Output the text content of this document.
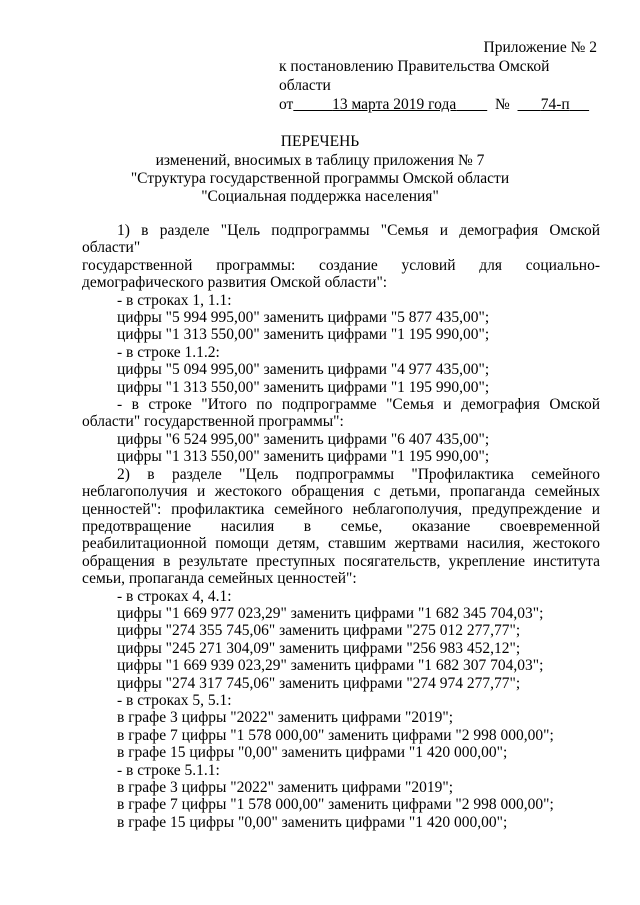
Приложение № 2
к постановлению Правительства Омской области
от	13 марта 2019 года	№ 74-п
ПЕРЕЧЕНЬ
изменений, вносимых в таблицу приложения № 7
"Структура государственной программы Омской области
"Социальная поддержка населения"

1) в разделе "Цель подпрограммы "Семья и демография Омской области"

государственной программы: создание условий для социально-

демографического развития Омской области":

- в строках 1, 1.1:

цифры "5 994 995,00" заменить цифрами "5 877 435,00";

цифры "1 313 550,00" заменить цифрами "1 195 990,00";

- в строке 1.1.2:

цифры "5 094 995,00" заменить цифрами "4 977 435,00";

цифры "1 313 550,00" заменить цифрами "1 195 990,00";

- в строке "Итого по подпрограмме "Семья и демография Омской

области" государственной программы":

цифры "6 524 995,00" заменить цифрами "6 407 435,00";

цифры "1 313 550,00" заменить цифрами "1 195 990,00";

2) в разделе "Цель подпрограммы "Профилактика семейного

неблагополучия и жестокого обращения с детьми, пропаганда семейных ценностей": профилактика семейного неблагополучия, предупреждение и предотвращение насилия в семье, оказание своевременной реабилитационной помощи детям, ставшим жертвами насилия, жестокого обращения в результате преступных посягательств, укрепление института семьи, пропаганда семейных ценностей":

- в строках 4, 4.1:

цифры "1 669 977 023,29" заменить цифрами "1 682 345 704,03";

цифры "274 355 745,06" заменить цифрами "275 012 277,77";

цифры "245 271 304,09" заменить цифрами "256 983 452,12";

цифры "1 669 939 023,29" заменить цифрами "1 682 307 704,03";

цифры "274 317 745,06" заменить цифрами "274 974 277,77";

- в строках 5, 5.1:

в графе 3 цифры "2022" заменить цифрами "2019";

в графе 7 цифры "1 578 000,00" заменить цифрами "2 998 000,00";

в графе 15 цифры "0,00" заменить цифрами "1 420 000,00";

- в строке 5.1.1:

в графе 3 цифры "2022" заменить цифрами "2019";

в графе 7 цифры "1 578 000,00" заменить цифрами "2 998 000,00";

в графе 15 цифры "0,00" заменить цифрами "1 420 000,00";
